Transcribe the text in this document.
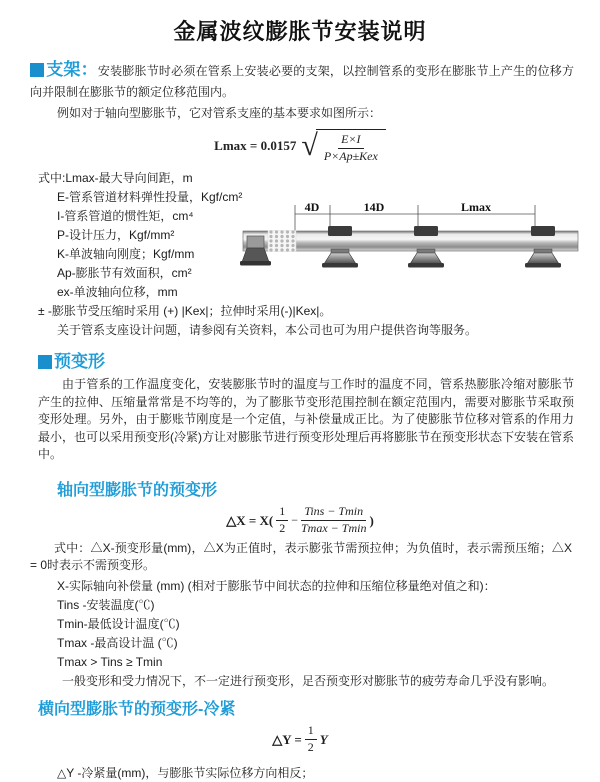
金属波纹膨胀节安装说明
支架：安装膨胀节时必须在管系上安装必要的支架，以控制管系的变形在膨胀节上产生的位移方向并限制在膨胀节的额定位移范围内。
例如对于轴向型膨胀节，它对管系支座的基本要求如图所示：
Lmax = 0.0157 √ $\frac{E\times I}{\text{P×Ap±Kex}}$
式中:Lmax-最大导向间距，m
E-管系管道材料弹性投量，Kgf/cm²
I-管系管道的惯性矩，cm⁴
P-设计压力，Kgf/mm²
K-单波轴向刚度；Kgf/mm
Ap-膨胀节有效面积，cm²
ex-单波轴向位移，mm
± -膨胀节受压缩时采用 (+) |Kex|；拉伸时采用(-)|Kex|。
关于管系支座设计问题，请参阅有关资料，本公司也可为用户提供咨询等服务。
4D	14D	Lmax
预变形
由于管系的工作温度变化，安装膨胀节时的温度与工作时的温度不同，管系热膨胀冷缩对膨胀节产生的拉伸、压缩量常常是不均等的，为了膨胀节变形范围控制在额定范围内，需要对膨胀节采取预变形处理。另外，由于膨账节刚度是一个定值，与补偿量成正比。为了使膨胀节位移对管系的作用力最小，也可以采用预变形(冷紧)方让对膨胀节进行预变形处理后再将膨胀节在预变形状态下安装在管系中。
轴向型膨胀节的预变形
△X = $X( \frac{1}{2} - \frac{\text{Tins − Tmin}}{Tmax - Tmin}$ )
式中：△X-预变形量(mm)，△X为正值时，表示膨张节需预拉伸；为负值时，表示需预压缩；△X = 0时表示不需预变形。
X-实际轴向补偿量 (mm) (相对于膨胀节中间状态的拉伸和压缩位移量绝对值之和)：
Tins -安装温度(℃)
Tmin-最低设计温度(℃)
Tmax -最高设计温 (℃)
Tmax > Tins ≥ Tmin
一般变形和受力情况下，不一定进行预变形，足否预变形对膨胀节的疲劳寿命几乎没有影响。
横向型膨胀节的预变形-冷紧
△Y = $\frac{1}{2}$ Y
△Y -冷紧量(mm)，与膨胀节实际位移方向相反；
